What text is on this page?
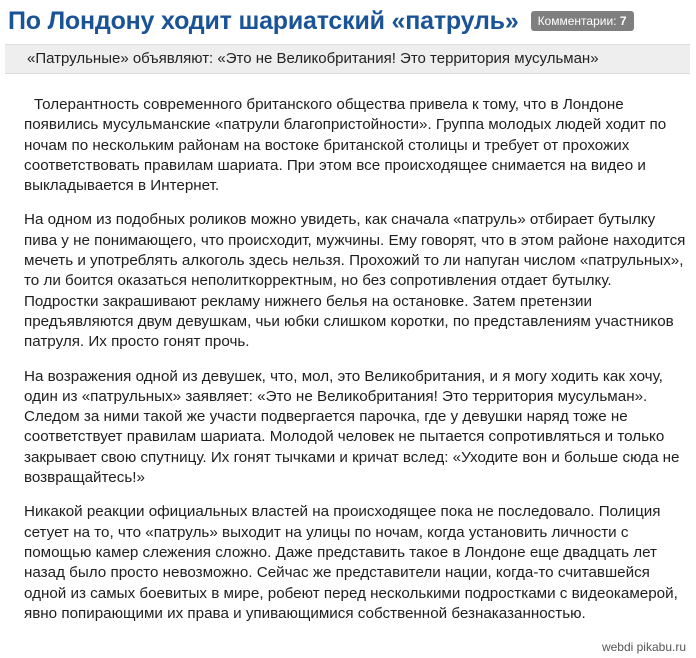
По Лондону ходит шариатский «патруль»	Комментарии: 7
«Патрульные» объявляют: «Это не Великобритания! Это территория мусульман»

Толерантность современного британского общества привела к тому, что в Лондоне появились мусульманские «патрули благопристойности». Группа молодых людей ходит по ночам по нескольким районам на востоке британской столицы и требует от прохожих соответствовать правилам шариата. При этом все происходящее снимается на видео и выкладывается в Интернет.

На одном из подобных роликов можно увидеть, как сначала «патруль» отбирает бутылку пива у не понимающего, что происходит, мужчины. Ему говорят, что в этом районе находится мечеть и употреблять алкоголь здесь нельзя. Прохожий то ли напуган числом «патрульных», то ли боится оказаться неполиткорректным, но без сопротивления отдает бутылку. Подростки закрашивают рекламу нижнего белья на остановке. Затем претензии предъявляются двум девушкам, чьи юбки слишком коротки, по представлениям участников патруля. Их просто гонят прочь.

На возражения одной из девушек, что, мол, это Великобритания, и я могу ходить как хочу, один из «патрульных» заявляет: «Это не Великобритания! Это территория мусульман». Следом за ними такой же участи подвергается парочка, где у девушки наряд тоже не соответствует правилам шариата. Молодой человек не пытается сопротивляться и только закрывает свою спутницу. Их гонят тычками и кричат вслед: «Уходите вон и больше сюда не возвращайтесь!»

Никакой реакции официальных властей на происходящее пока не последовало. Полиция сетует на то, что «патруль» выходит на улицы по ночам, когда установить личности с помощью камер слежения сложно. Даже представить такое в Лондоне еще двадцать лет назад было просто невозможно. Сейчас же представители нации, когда-то считавшейся одной из самых боевитых в мире, робеют перед несколькими подростками с видеокамерой, явно попирающими их права и упивающимися собственной безнаказанностью.

webdi pikabu.ru
